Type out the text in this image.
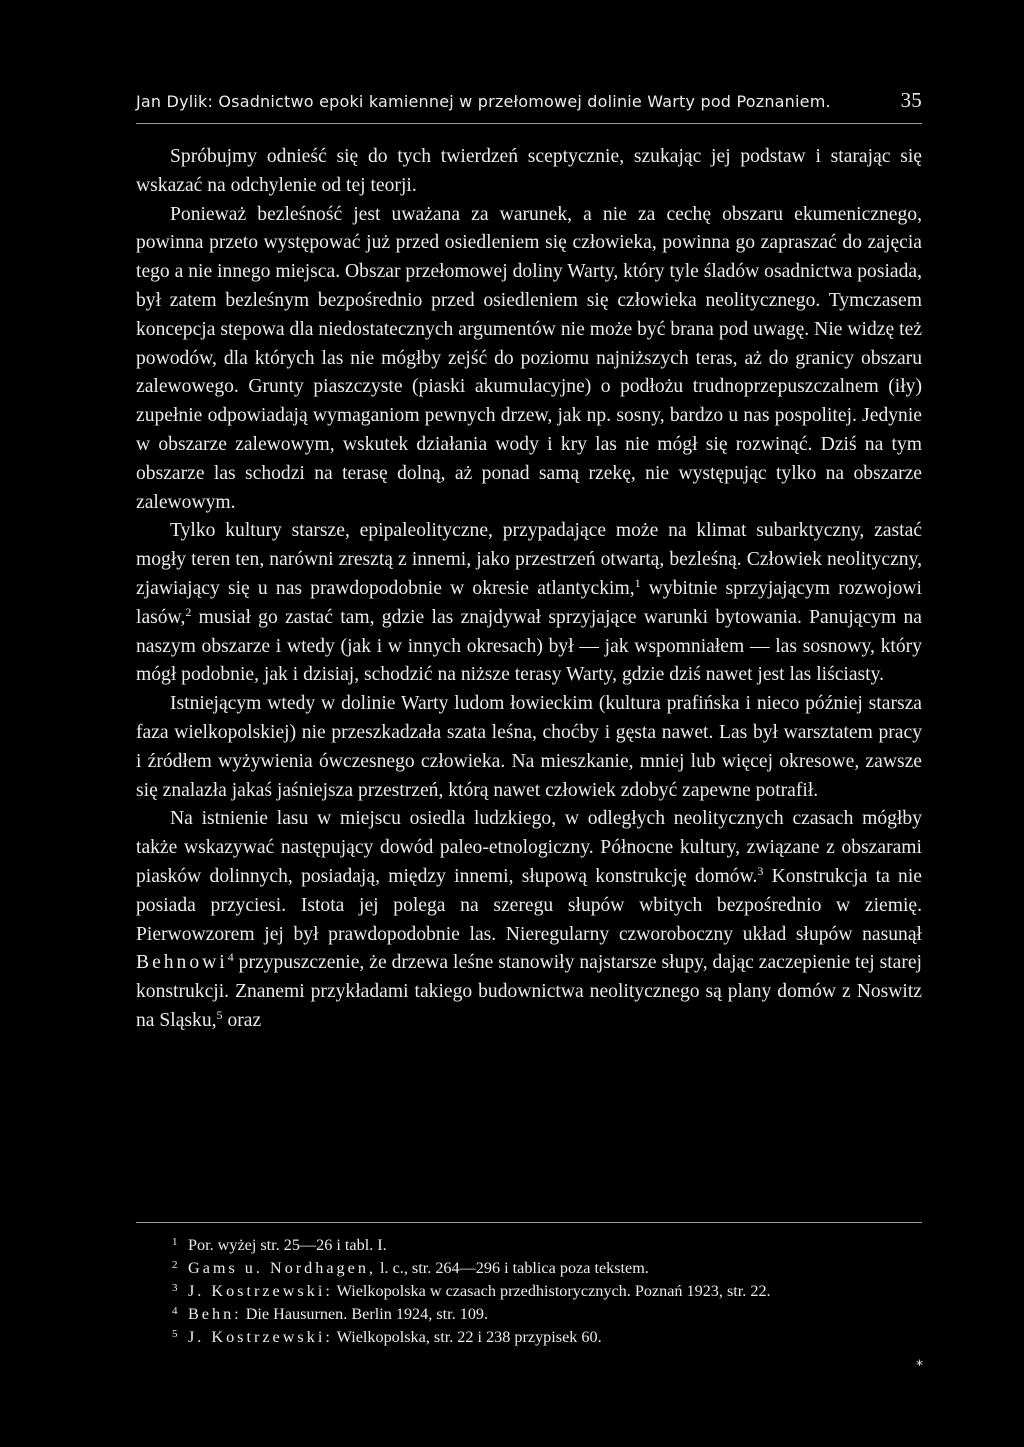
Jan Dylik: Osadnictwo epoki kamiennej w przełomowej dolinie Warty pod Poznaniem.	35

Spróbujmy odnieść się do tych twierdzeń sceptycznie, szukając jej podstaw i starając się wskazać na odchylenie od tej teorji.

Ponieważ bezleśność jest uważana za warunek, a nie za cechę obszaru ekumenicznego, powinna przeto występować już przed osiedleniem się człowieka, powinna go zapraszać do zajęcia tego a nie innego miejsca. Obszar przełomowej doliny Warty, który tyle śladów osadnictwa posiada, był zatem bezleśnym bezpośrednio przed osiedleniem się człowieka neolitycznego. Tymczasem koncepcja stepowa dla niedostatecznych argumentów nie może być brana pod uwagę. Nie widzę też powodów, dla których las nie mógłby zejść do poziomu najniższych teras, aż do granicy obszaru zalewowego. Grunty piaszczyste (piaski akumulacyjne) o podłożu trudnoprzepuszczalnem (iły) zupełnie odpowiadają wymaganiom pewnych drzew, jak np. sosny, bardzo u nas pospolitej. Jedynie w obszarze zalewowym, wskutek działania wody i kry las nie mógł się rozwinąć. Dziś na tym obszarze las schodzi na terasę dolną, aż ponad samą rzekę, nie występując tylko na obszarze zalewowym.

Tylko kultury starsze, epipaleolityczne, przypadające może na klimat subarktyczny, zastać mogły teren ten, narówni zresztą z innemi, jako przestrzeń otwartą, bezleśną. Człowiek neolityczny, zjawiający się u nas prawdopodobnie w okresie atlantyckim,$^1$ wybitnie sprzyjającym rozwojowi lasów,$^2$ musiał go zastać tam, gdzie las znajdywał sprzyjające warunki bytowania. Panującym na naszym obszarze i wtedy (jak i w innych okresach) był — jak wspomniałem — las sosnowy, który mógł podobnie, jak i dzisiaj, schodzić na niższe terasy Warty, gdzie dziś nawet jest las liściasty.

Istniejącym wtedy w dolinie Warty ludom łowieckim (kultura prafińska i nieco później starsza faza wielkopolskiej) nie przeszkadzała szata leśna, choćby i gęsta nawet. Las był warsztatem pracy i źródłem wyżywienia ówczesnego człowieka. Na mieszkanie, mniej lub więcej okresowe, zawsze się znalazła jakaś jaśniejsza przestrzeń, którą nawet człowiek zdobyć zapewne potrafił.

Na istnienie lasu w miejscu osiedla ludzkiego, w odległych neolitycznych czasach mógłby także wskazywać następujący dowód paleo-etnologiczny. Północne kultury, związane z obszarami piasków dolinnych, posiadają, między innemi, słupową konstrukcję domów.$^3$ Konstrukcja ta nie posiada przyciesi. Istota jej polega na szeregu słupów wbitych bezpośrednio w ziemię. Pierwowzorem jej był prawdopodobnie las. Nieregularny czworoboczny układ słupów nasunął Behnowi$^4$ przypuszczenie, że drzewa leśne stanowiły najstarsze słupy, dając zaczepienie tej starej konstrukcji. Znanemi przykładami takiego budownictwa neolitycznego są plany domów z Noswitz na Sląsku,$^5$ oraz

1 Por. wyżej str. 25—26 i tabl. I.
2 Gams u. Nordhagen, l. c., str. 264—296 i tablica poza tekstem.
3 J. Kostrzewski: Wielkopolska w czasach przedhistorycznych. Poznań 1923, str. 22.
4 Behn: Die Hausurnen. Berlin 1924, str. 109.
5 J. Kostrzewski: Wielkopolska, str. 22 i 238 przypisek 60.
*
